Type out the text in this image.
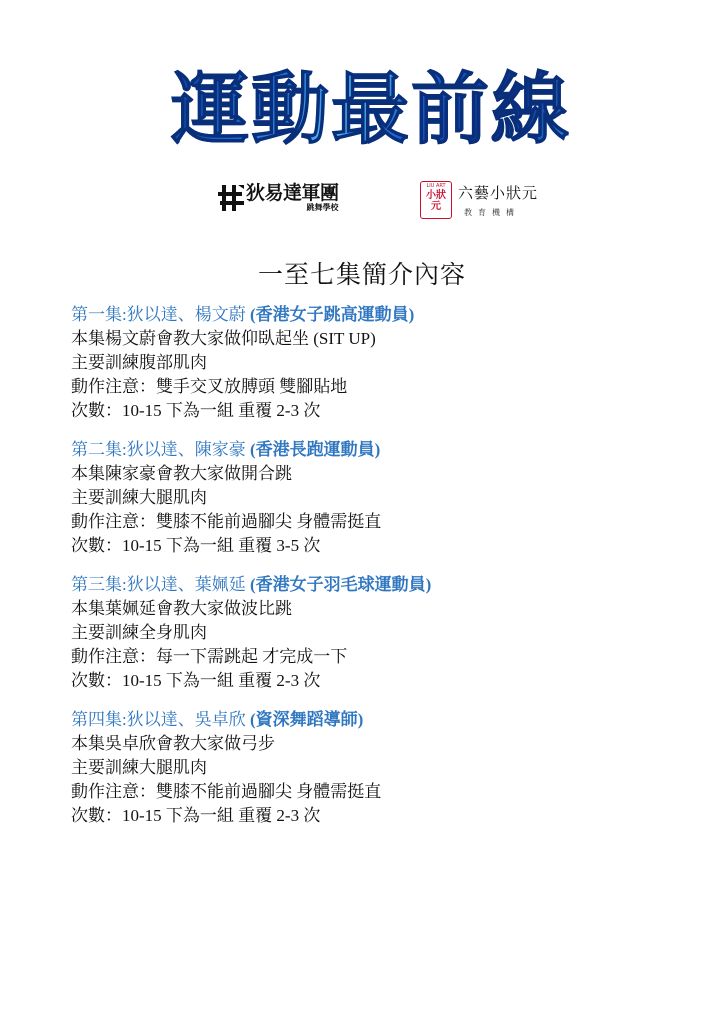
運動最前線
狄易達軍團
跳舞學校
LIU ART
小狀元
六藝小狀元
教育機構
一至七集簡介內容
第一集:狄以達、楊文蔚 (香港女子跳高運動員)
本集楊文蔚會教大家做仰臥起坐 (SIT UP)
主要訓練腹部肌肉
動作注意：雙手交叉放膊頭 雙腳貼地
次數：10-15 下為一組 重覆 2-3 次
第二集:狄以達、陳家豪 (香港長跑運動員)
本集陳家豪會教大家做開合跳
主要訓練大腿肌肉
動作注意：雙膝不能前過腳尖 身體需挺直
次數：10-15 下為一組 重覆 3-5 次
第三集:狄以達、葉姵延 (香港女子羽毛球運動員)
本集葉姵延會教大家做波比跳
主要訓練全身肌肉
動作注意：每一下需跳起 才完成一下
次數：10-15 下為一組 重覆 2-3 次
第四集:狄以達、吳卓欣 (資深舞蹈導師)
本集吳卓欣會教大家做弓步
主要訓練大腿肌肉
動作注意：雙膝不能前過腳尖 身體需挺直
次數：10-15 下為一組 重覆 2-3 次
